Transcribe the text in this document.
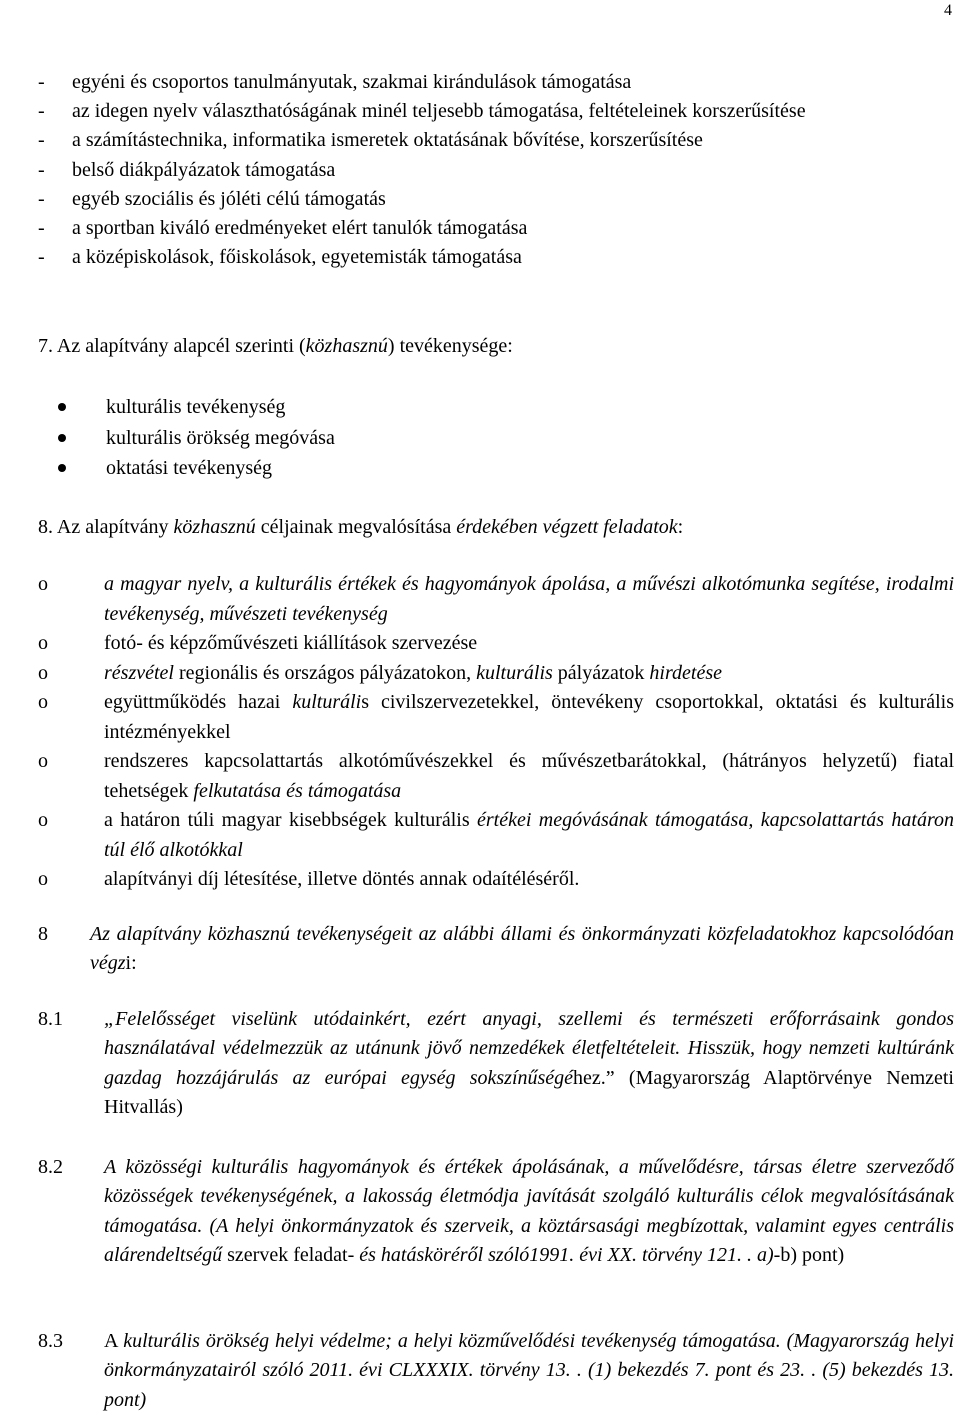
4
-	egyéni és csoportos tanulmányutak, szakmai kirándulások támogatása
-	az idegen nyelv választhatóságának minél teljesebb támogatása, feltételeinek korszerűsítése
-	a számítástechnika, informatika ismeretek oktatásának bővítése, korszerűsítése
-	belső diákpályázatok támogatása
-	egyéb szociális és jóléti célú támogatás
-	a sportban kiváló eredményeket elért tanulók támogatása
-	a középiskolások, főiskolások, egyetemisták támogatása
7. Az alapítvány alapcél szerinti (közhasznú) tevékenysége:
kulturális tevékenység
kulturális örökség megóvása
oktatási tevékenység
8. Az alapítvány közhasznú céljainak megvalósítása érdekében végzett feladatok:
o	a magyar nyelv, a kulturális értékek és hagyományok ápolása, a művészi alkotómunka segítése, irodalmi tevékenység, művészeti tevékenység
o	fotó- és képzőművészeti kiállítások szervezése
o	részvétel regionális és országos pályázatokon, kulturális pályázatok hirdetése
o	együttműködés hazai kulturális civilszervezetekkel, öntevékeny csoportokkal, oktatási és kulturális intézményekkel
o	rendszeres kapcsolattartás alkotóművészekkel és művészetbarátokkal, (hátrányos helyzetű) fiatal tehetségek felkutatása és támogatása
o	a határon túli magyar kisebbségek kulturális értékei megóvásának támogatása, kapcsolattartás határon túl élő alkotókkal
o	alapítványi díj létesítése, illetve döntés annak odaítéléséről.
8	Az alapítvány közhasznú tevékenységeit az alábbi állami és önkormányzati közfeladatokhoz kapcsolódóan végzi:
8.1	„Felelősséget viselünk utódainkért, ezért anyagi, szellemi és természeti erőforrásaink gondos használatával védelmezzük az utánunk jövő nemzedékek életfeltételeit. Hisszük, hogy nemzeti kultúránk gazdag hozzájárulás az európai egység sokszínűségéhez.” (Magyarország Alaptörvénye Nemzeti Hitvallás)
8.2	A közösségi kulturális hagyományok és értékek ápolásának, a művelődésre, társas életre szerveződő közösségek tevékenységének, a lakosság életmódja javítását szolgáló kulturális célok megvalósításának támogatása. (A helyi önkormányzatok és szerveik, a köztársasági megbízottak, valamint egyes centrális alárendeltségű szervek feladat- és hatásköréről szóló1991. évi XX. törvény 121. . a)-b) pont)
8.3	A kulturális örökség helyi védelme; a helyi közművelődési tevékenység támogatása. (Magyarország helyi önkormányzatairól szóló 2011. évi CLXXXIX. törvény 13. . (1) bekezdés 7. pont és 23. . (5) bekezdés 13. pont)
